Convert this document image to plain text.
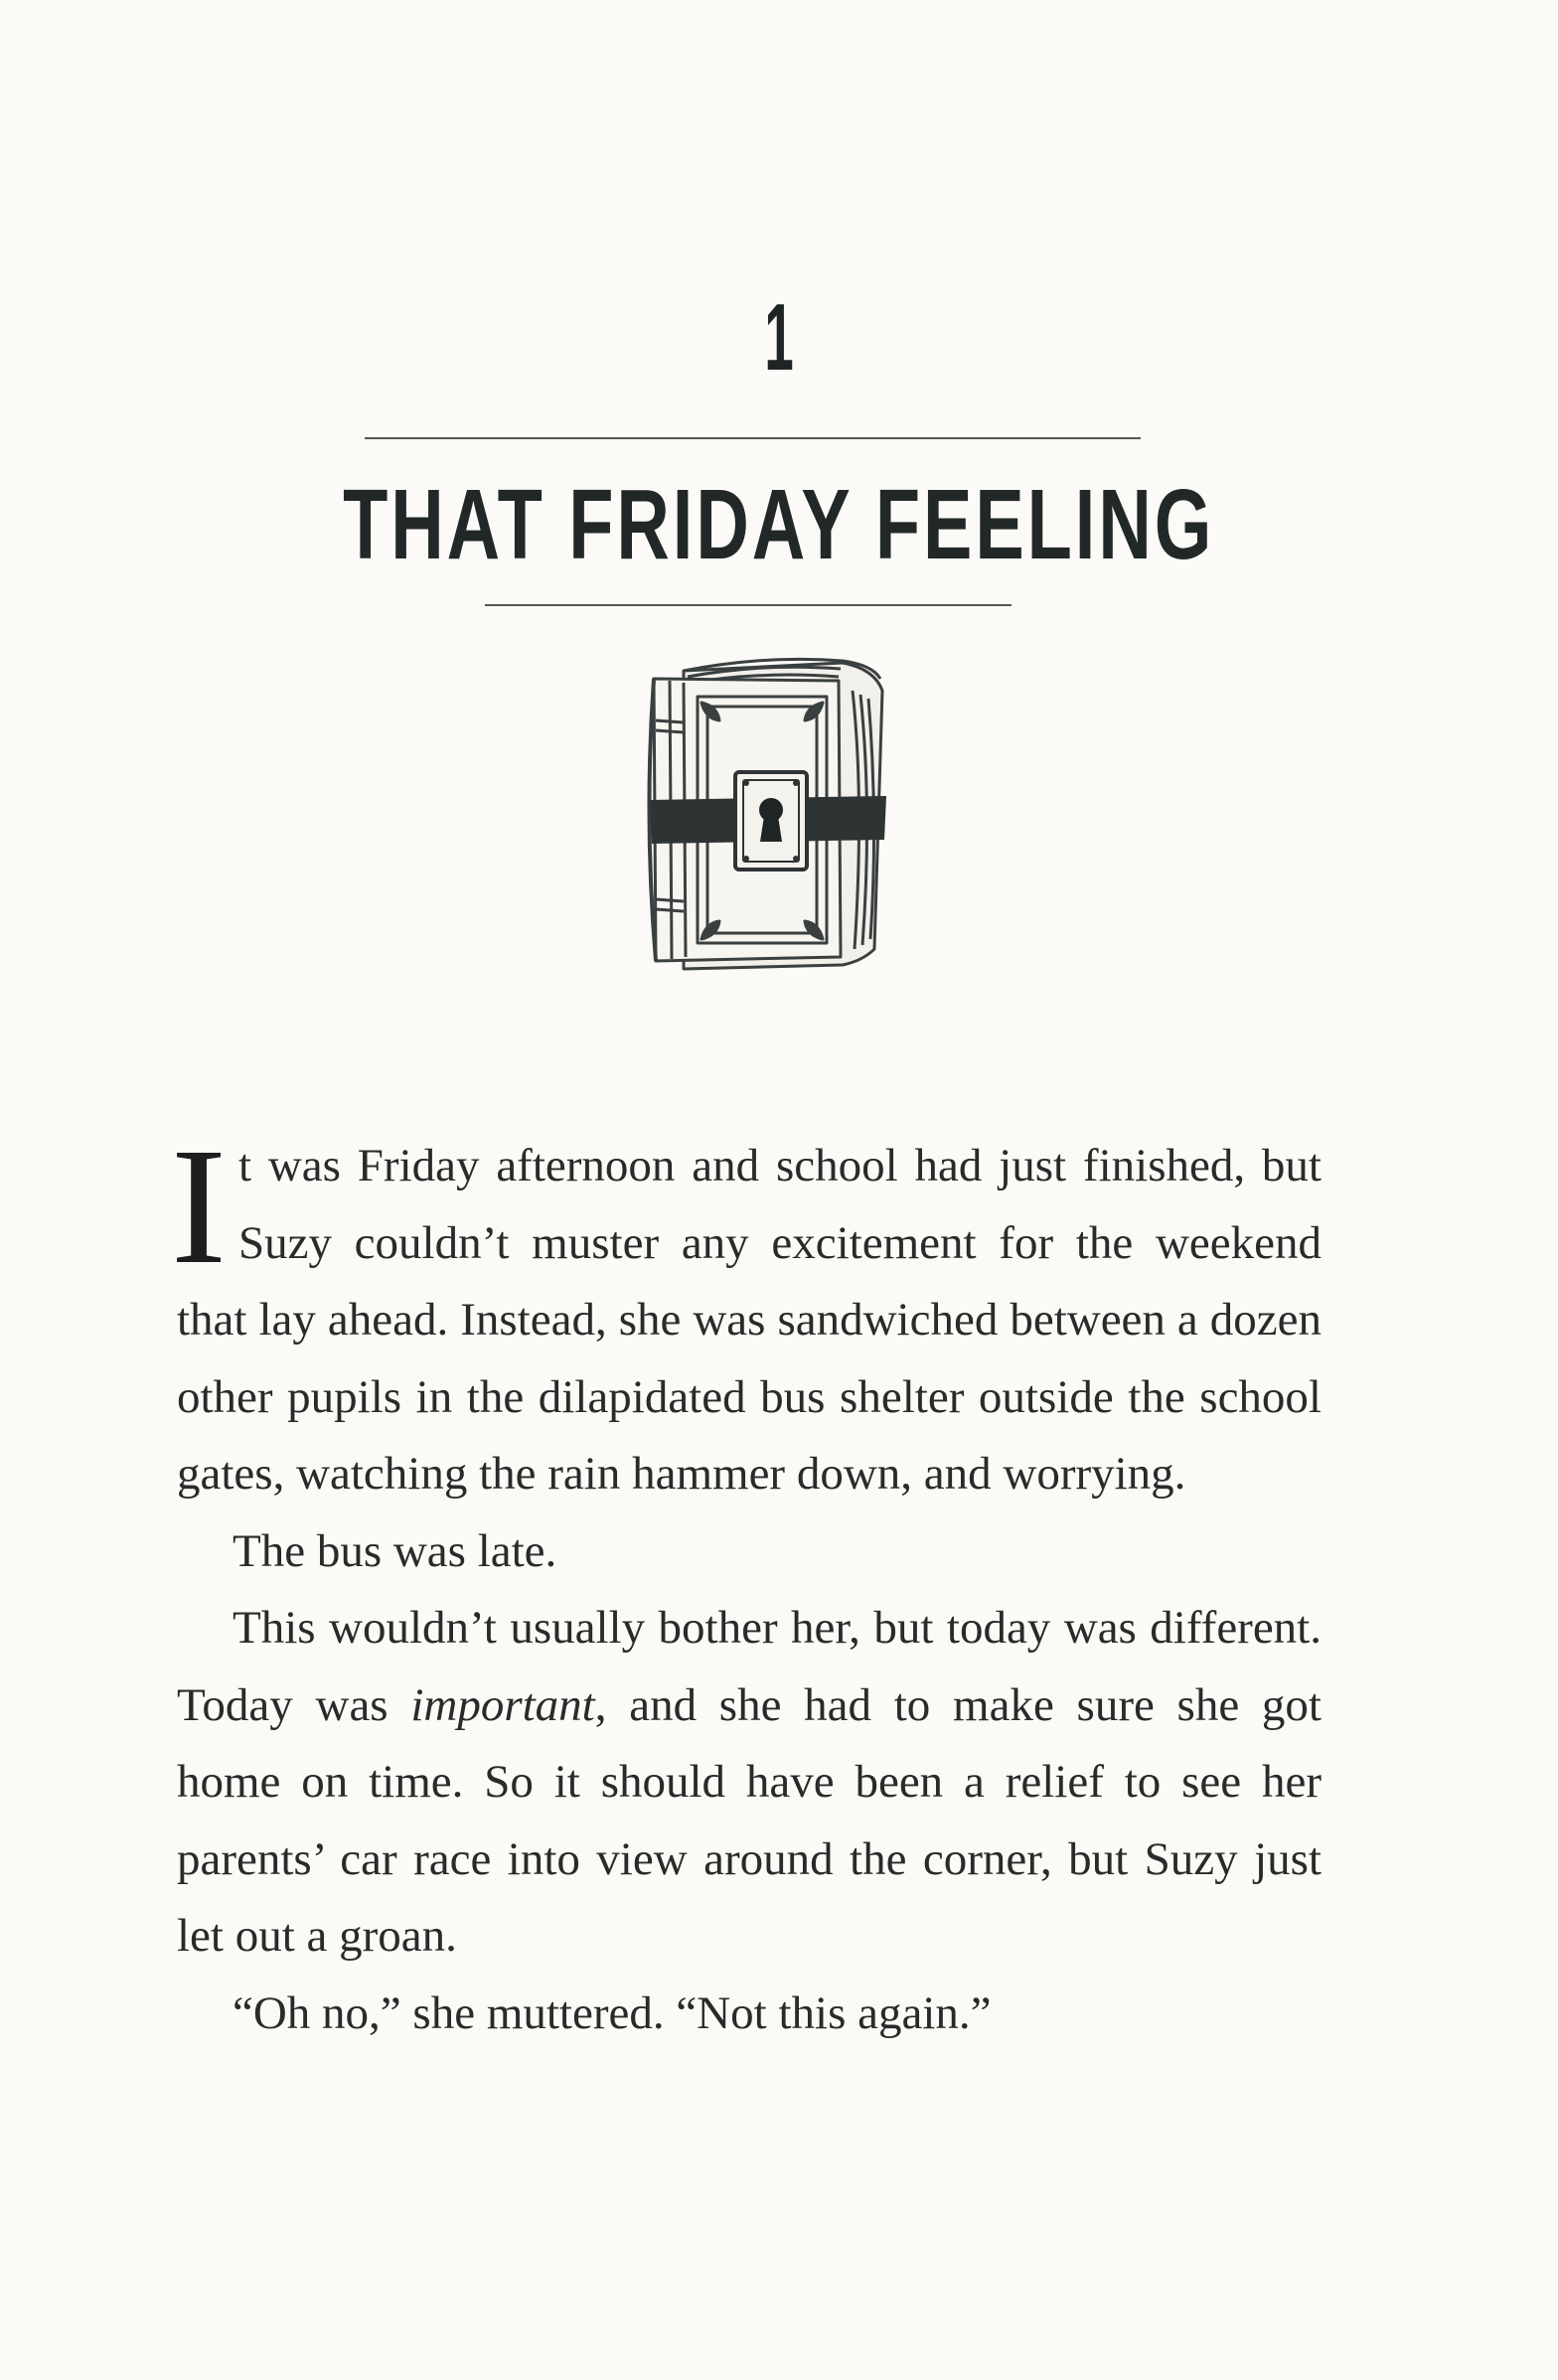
1
THAT FRIDAY FEELING

It was Friday afternoon and school had just finished, but Suzy couldn’t muster any excitement for the weekend that lay ahead. Instead, she was sandwiched between a dozen other pupils in the dilapidated bus shelter outside the school gates, watching the rain hammer down, and worrying.

The bus was late.

This wouldn’t usually bother her, but today was different. Today was important, and she had to make sure she got home on time. So it should have been a relief to see her parents’ car race into view around the corner, but Suzy just let out a groan.

“Oh no,” she muttered. “Not this again.”
